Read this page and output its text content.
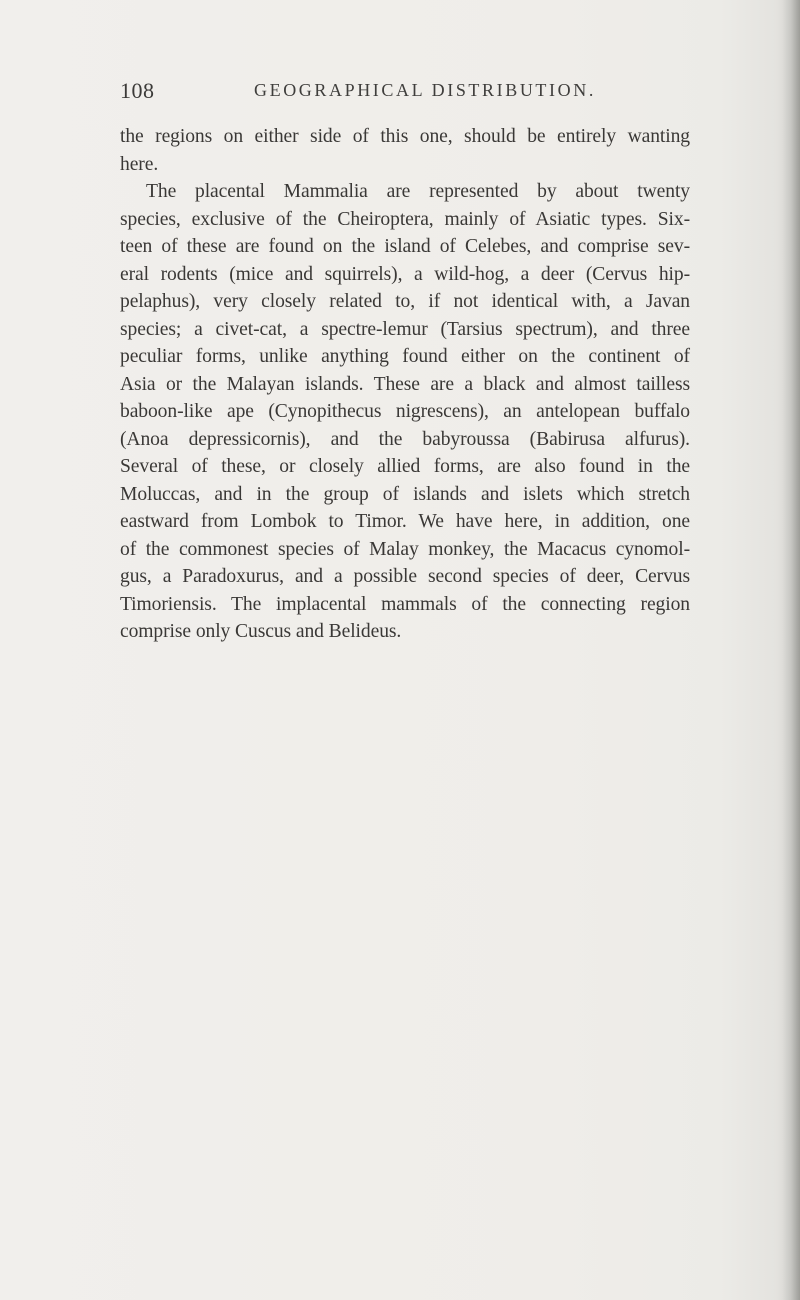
108	GEOGRAPHICAL DISTRIBUTION.
the regions on either side of this one, should be entirely wanting
here.
The placental Mammalia are represented by about twenty
species, exclusive of the Cheiroptera, mainly of Asiatic types. Six-
teen of these are found on the island of Celebes, and comprise sev-
eral rodents (mice and squirrels), a wild-hog, a deer (Cervus hip-
pelaphus), very closely related to, if not identical with, a Javan
species; a civet-cat, a spectre-lemur (Tarsius spectrum), and three
peculiar forms, unlike anything found either on the continent of
Asia or the Malayan islands. These are a black and almost tailless
baboon-like ape (Cynopithecus nigrescens), an antelopean buffalo
(Anoa depressicornis), and the babyroussa (Babirusa alfurus).
Several of these, or closely allied forms, are also found in the
Moluccas, and in the group of islands and islets which stretch
eastward from Lombok to Timor. We have here, in addition, one
of the commonest species of Malay monkey, the Macacus cynomol-
gus, a Paradoxurus, and a possible second species of deer, Cervus
Timoriensis. The implacental mammals of the connecting region
comprise only Cuscus and Belideus.
